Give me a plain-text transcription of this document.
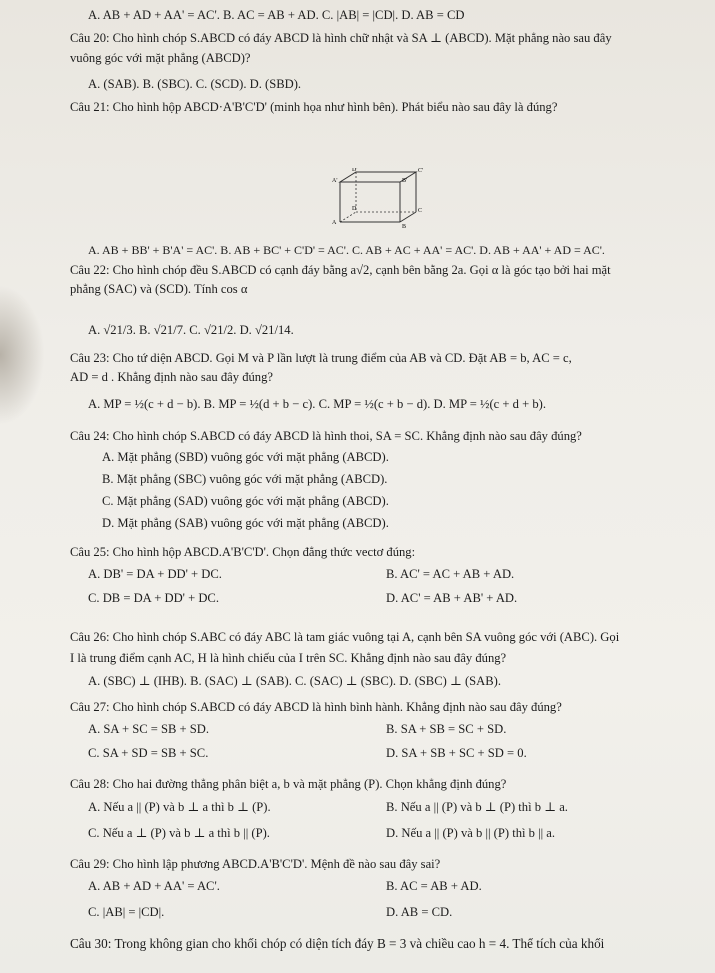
A. AB + AD + AA' = AC'. B. AC = AB + AD. C. |AB| = |CD|. D. AB = CD
Câu 20: Cho hình chóp S.ABCD có đáy ABCD là hình chữ nhật và SA ⊥ (ABCD). Mặt phẳng nào sau đây
vuông góc với mặt phẳng (ABCD)?
A. (SAB). B. (SBC). C. (SCD). D. (SBD).
Câu 21: Cho hình hộp ABCD·A'B'C'D' (minh họa như hình bên). Phát biểu nào sau đây là đúng?
A'
D'
B'
C'
A
D
B
C
A. AB + BB' + B'A' = AC'. B. AB + BC' + C'D' = AC'. C. AB + AC + AA' = AC'. D. AB + AA' + AD = AC'.
Câu 22: Cho hình chóp đều S.ABCD có cạnh đáy bằng a√2, cạnh bên bằng 2a. Gọi α là góc tạo bởi hai mặt
phẳng (SAC) và (SCD). Tính cos α
A. √21/3. B. √21/7. C. √21/2. D. √21/14.
Câu 23: Cho tứ diện ABCD. Gọi M và P lần lượt là trung điểm của AB và CD. Đặt AB = b, AC = c,
AD = d . Khẳng định nào sau đây đúng?
A. MP = ½(c + d − b). B. MP = ½(d + b − c). C. MP = ½(c + b − d). D. MP = ½(c + d + b).
Câu 24: Cho hình chóp S.ABCD có đáy ABCD là hình thoi, SA = SC. Khẳng định nào sau đây đúng?
A. Mặt phẳng (SBD) vuông góc với mặt phẳng (ABCD).
B. Mặt phẳng (SBC) vuông góc với mặt phẳng (ABCD).
C. Mặt phẳng (SAD) vuông góc với mặt phẳng (ABCD).
D. Mặt phẳng (SAB) vuông góc với mặt phẳng (ABCD).
Câu 25: Cho hình hộp ABCD.A'B'C'D'. Chọn đẳng thức vectơ đúng:
A. DB' = DA + DD' + DC.	B. AC' = AC + AB + AD.
C. DB = DA + DD' + DC.	D. AC' = AB + AB' + AD.
Câu 26: Cho hình chóp S.ABC có đáy ABC là tam giác vuông tại A, cạnh bên SA vuông góc với (ABC). Gọi
I là trung điểm cạnh AC, H là hình chiếu của I trên SC. Khẳng định nào sau đây đúng?
A. (SBC) ⊥ (IHB). B. (SAC) ⊥ (SAB). C. (SAC) ⊥ (SBC). D. (SBC) ⊥ (SAB).
Câu 27: Cho hình chóp S.ABCD có đáy ABCD là hình bình hành. Khẳng định nào sau đây đúng?
A. SA + SC = SB + SD.	B. SA + SB = SC + SD.
C. SA + SD = SB + SC.	D. SA + SB + SC + SD = 0.
Câu 28: Cho hai đường thẳng phân biệt a, b và mặt phẳng (P). Chọn khẳng định đúng?
A. Nếu a || (P) và b ⊥ a thì b ⊥ (P).	B. Nếu a || (P) và b ⊥ (P) thì b ⊥ a.
C. Nếu a ⊥ (P) và b ⊥ a thì b || (P).	D. Nếu a || (P) và b || (P) thì b || a.
Câu 29: Cho hình lập phương ABCD.A'B'C'D'. Mệnh đề nào sau đây sai?
A. AB + AD + AA' = AC'.	B. AC = AB + AD.
C. |AB| = |CD|.	D. AB = CD.
Câu 30: Trong không gian cho khối chóp có diện tích đáy B = 3 và chiều cao h = 4. Thể tích của khối
